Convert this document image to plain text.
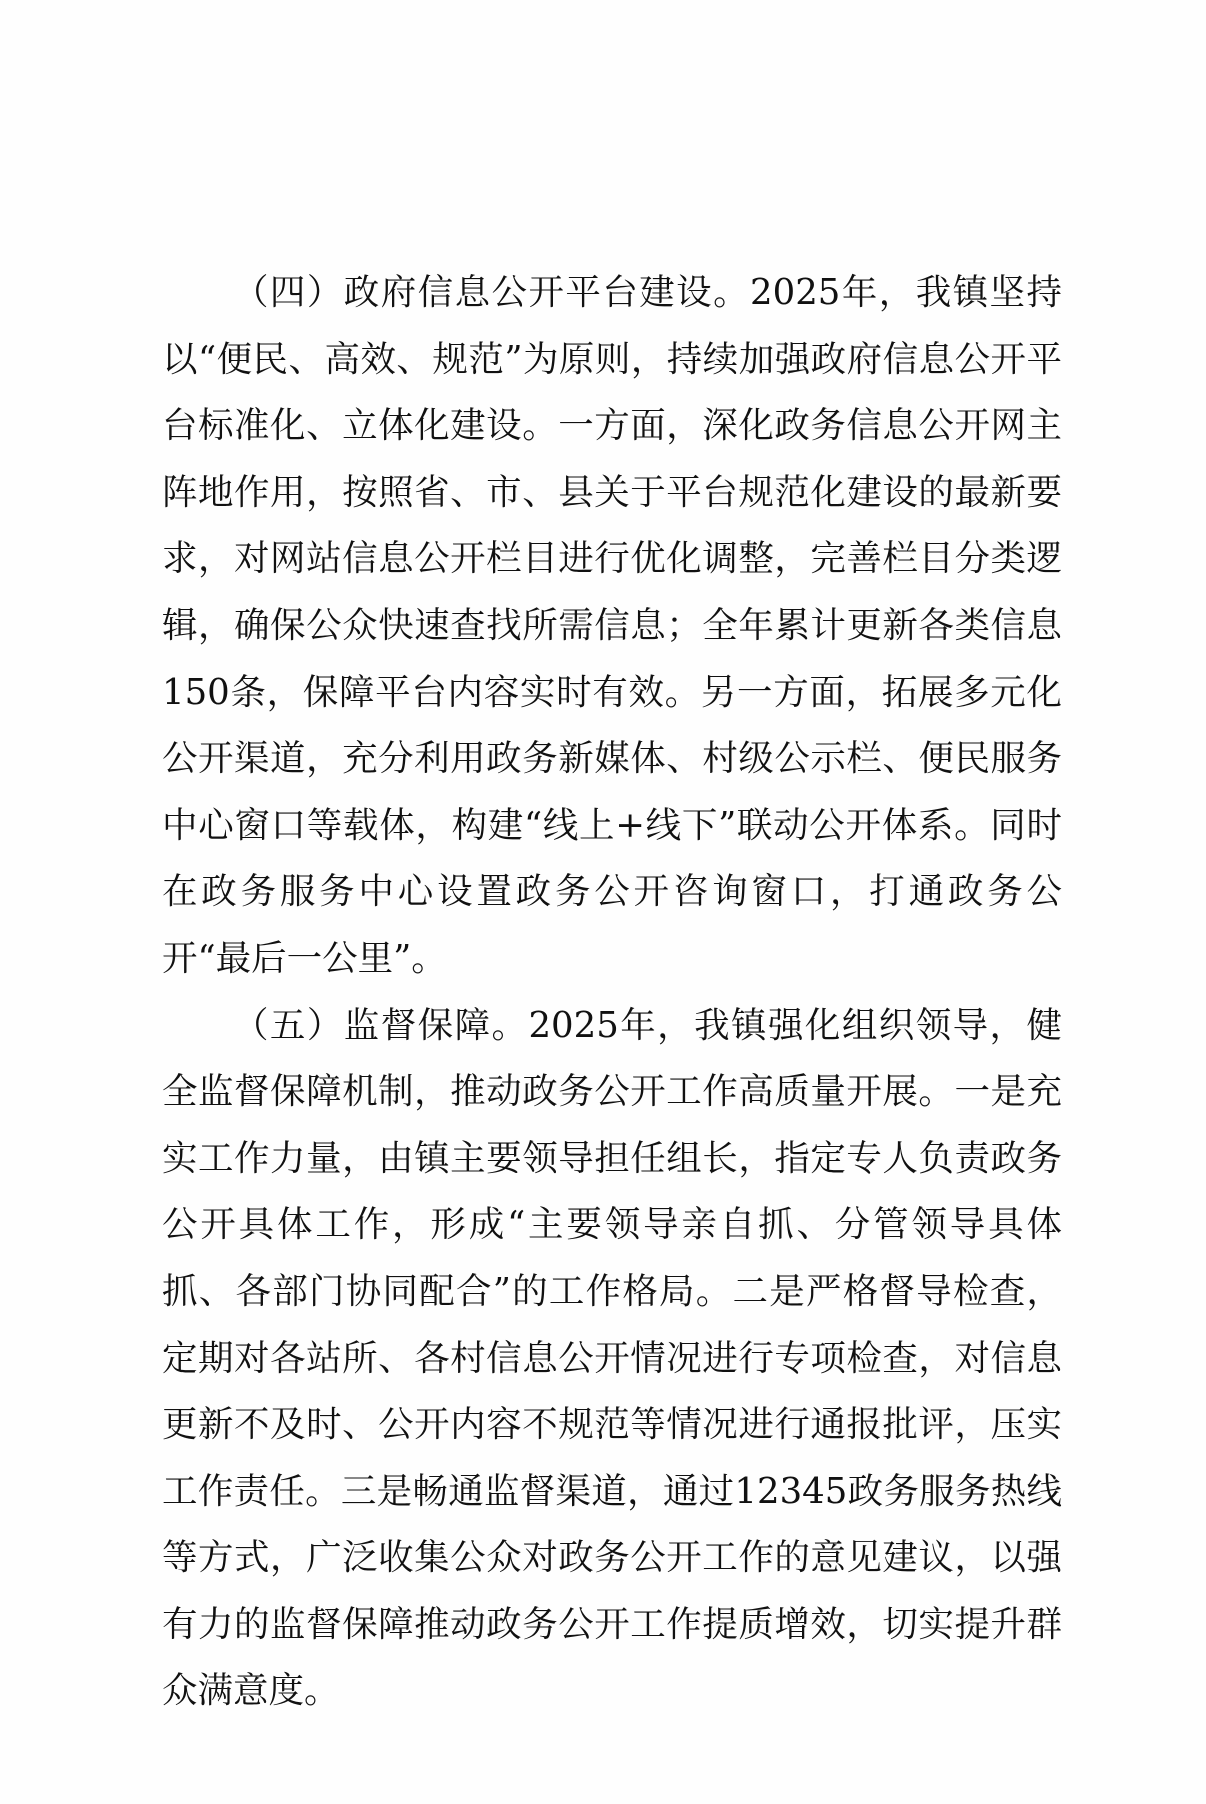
（四）政府信息公开平台建设。2025年，我镇坚持以“便民、高效、规范”为原则，持续加强政府信息公开平台标准化、立体化建设。一方面，深化政务信息公开网主阵地作用，按照省、市、县关于平台规范化建设的最新要求，对网站信息公开栏目进行优化调整，完善栏目分类逻辑，确保公众快速查找所需信息；全年累计更新各类信息150条，保障平台内容实时有效。另一方面，拓展多元化公开渠道，充分利用政务新媒体、村级公示栏、便民服务中心窗口等载体，构建“线上+线下”联动公开体系。同时在政务服务中心设置政务公开咨询窗口，打通政务公开“最后一公里”。

（五）监督保障。2025年，我镇强化组织领导，健全监督保障机制，推动政务公开工作高质量开展。一是充实工作力量，由镇主要领导担任组长，指定专人负责政务公开具体工作，形成“主要领导亲自抓、分管领导具体抓、各部门协同配合”的工作格局。二是严格督导检查，定期对各站所、各村信息公开情况进行专项检查，对信息更新不及时、公开内容不规范等情况进行通报批评，压实工作责任。三是畅通监督渠道，通过12345政务服务热线等方式，广泛收集公众对政务公开工作的意见建议，以强有力的监督保障推动政务公开工作提质增效，切实提升群众满意度。
